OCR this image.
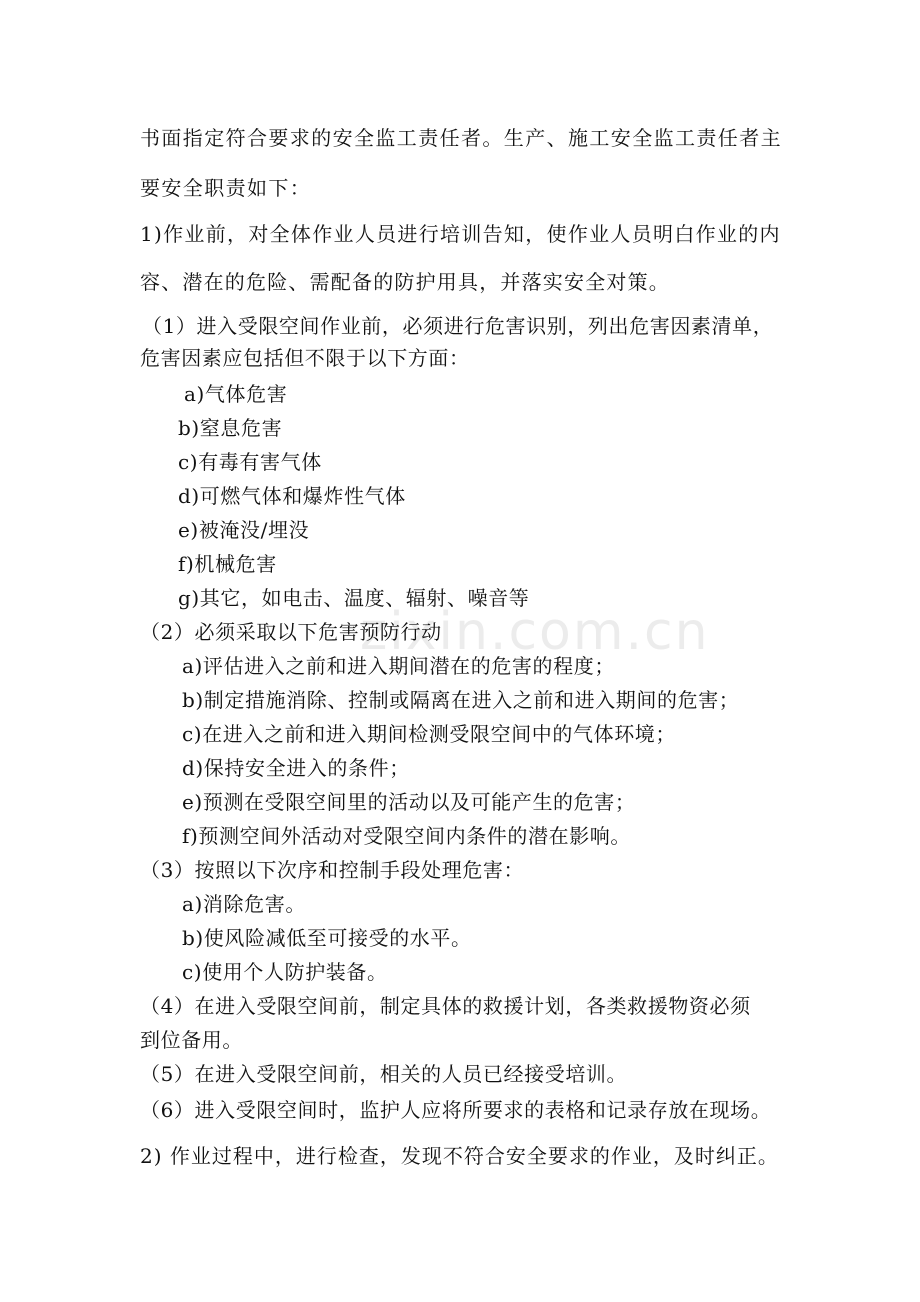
zixin.com.cn
书面指定符合要求的安全监工责任者。生产、施工安全监工责任者主
要安全职责如下：
1)作业前，对全体作业人员进行培训告知，使作业人员明白作业的内
容、潜在的危险、需配备的防护用具，并落实安全对策。
（1）进入受限空间作业前，必须进行危害识别，列出危害因素清单，
危害因素应包括但不限于以下方面：
a)气体危害
b)窒息危害
c)有毒有害气体
d)可燃气体和爆炸性气体
e)被淹没/埋没
f)机械危害
g)其它，如电击、温度、辐射、噪音等
（2）必须采取以下危害预防行动
a)评估进入之前和进入期间潜在的危害的程度；
b)制定措施消除、控制或隔离在进入之前和进入期间的危害；
c)在进入之前和进入期间检测受限空间中的气体环境；
d)保持安全进入的条件；
e)预测在受限空间里的活动以及可能产生的危害；
f)预测空间外活动对受限空间内条件的潜在影响。
（3）按照以下次序和控制手段处理危害：
a)消除危害。
b)使风险减低至可接受的水平。
c)使用个人防护装备。
（4）在进入受限空间前，制定具体的救援计划，各类救援物资必须
到位备用。
（5）在进入受限空间前，相关的人员已经接受培训。
（6）进入受限空间时，监护人应将所要求的表格和记录存放在现场。
2) 作业过程中，进行检查，发现不符合安全要求的作业，及时纠正。
